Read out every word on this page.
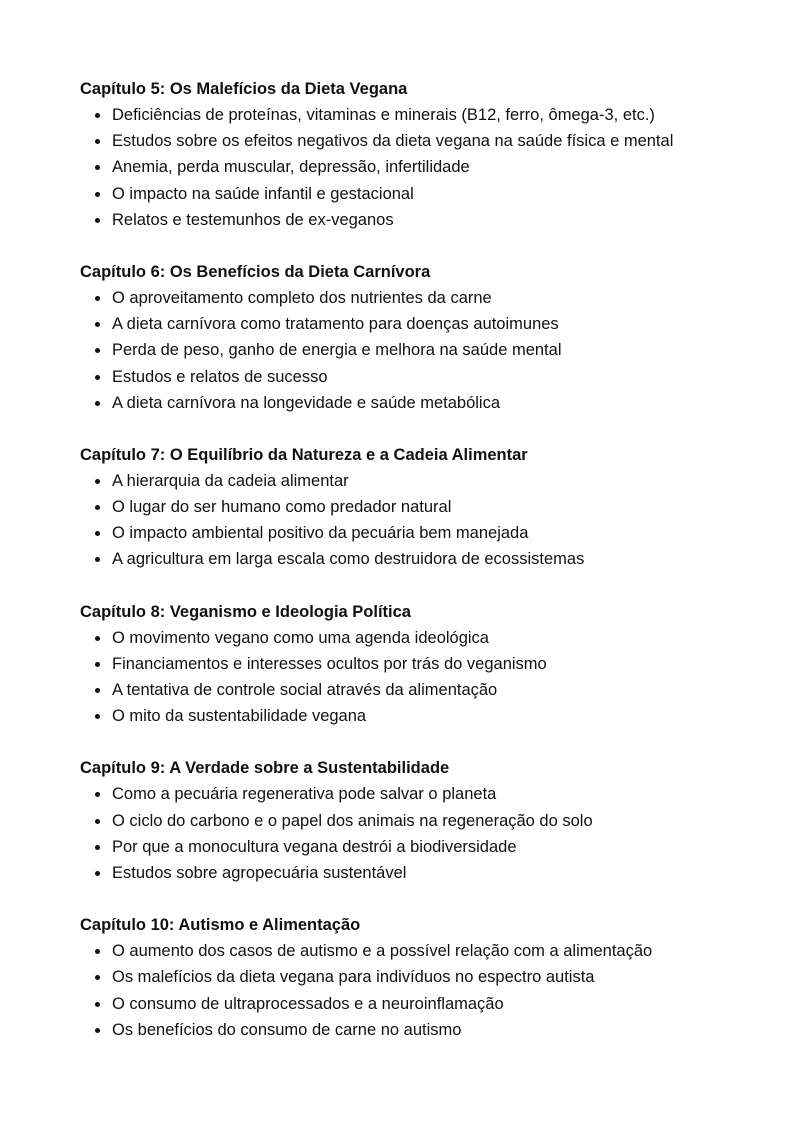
Capítulo 5: Os Malefícios da Dieta Vegana
Deficiências de proteínas, vitaminas e minerais (B12, ferro, ômega-3, etc.)
Estudos sobre os efeitos negativos da dieta vegana na saúde física e mental
Anemia, perda muscular, depressão, infertilidade
O impacto na saúde infantil e gestacional
Relatos e testemunhos de ex-veganos
Capítulo 6: Os Benefícios da Dieta Carnívora
O aproveitamento completo dos nutrientes da carne
A dieta carnívora como tratamento para doenças autoimunes
Perda de peso, ganho de energia e melhora na saúde mental
Estudos e relatos de sucesso
A dieta carnívora na longevidade e saúde metabólica
Capítulo 7: O Equilíbrio da Natureza e a Cadeia Alimentar
A hierarquia da cadeia alimentar
O lugar do ser humano como predador natural
O impacto ambiental positivo da pecuária bem manejada
A agricultura em larga escala como destruidora de ecossistemas
Capítulo 8: Veganismo e Ideologia Política
O movimento vegano como uma agenda ideológica
Financiamentos e interesses ocultos por trás do veganismo
A tentativa de controle social através da alimentação
O mito da sustentabilidade vegana
Capítulo 9: A Verdade sobre a Sustentabilidade
Como a pecuária regenerativa pode salvar o planeta
O ciclo do carbono e o papel dos animais na regeneração do solo
Por que a monocultura vegana destrói a biodiversidade
Estudos sobre agropecuária sustentável
Capítulo 10: Autismo e Alimentação
O aumento dos casos de autismo e a possível relação com a alimentação
Os malefícios da dieta vegana para indivíduos no espectro autista
O consumo de ultraprocessados e a neuroinflamação
Os benefícios do consumo de carne no autismo
